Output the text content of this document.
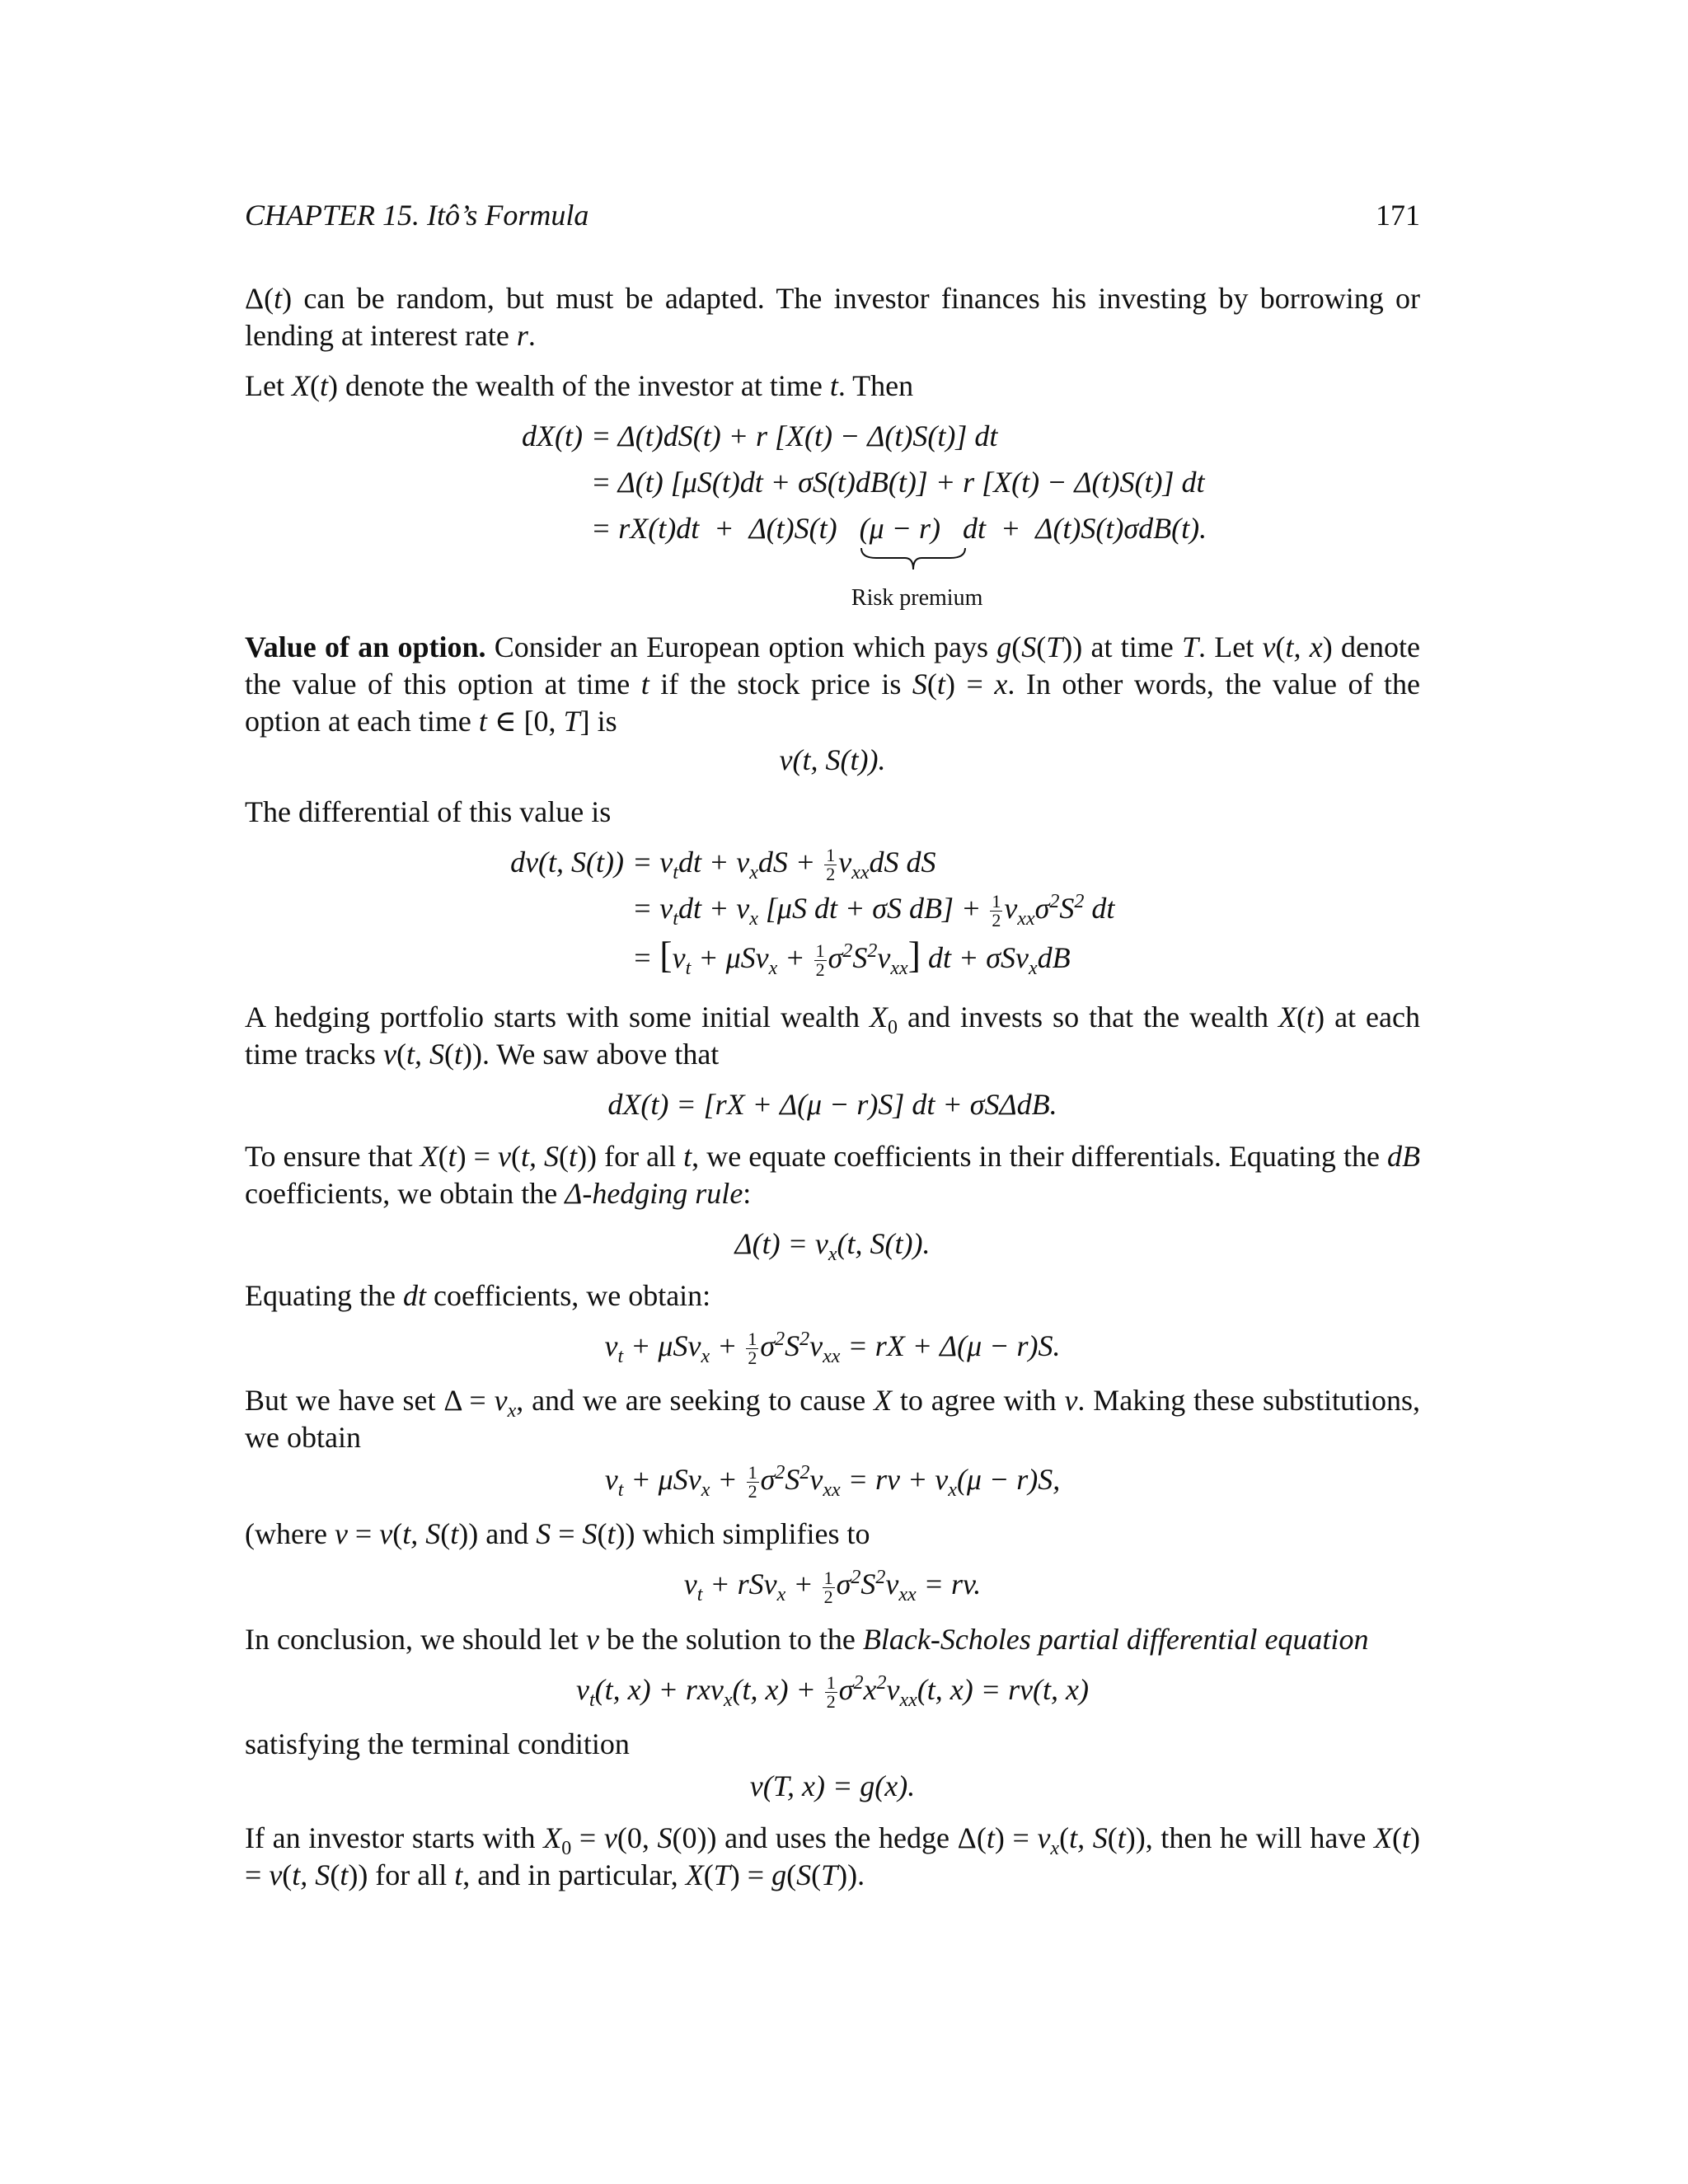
CHAPTER 15. Itô’s Formula	171

Δ(t) can be random, but must be adapted. The investor finances his investing by borrowing or lending at interest rate r.

Let X(t) denote the wealth of the investor at time t. Then

dX(t) = Δ(t)dS(t) + r [X(t) − Δ(t)S(t)] dt
= Δ(t) [μS(t)dt + σS(t)dB(t)] + r [X(t) − Δ(t)S(t)] dt
= rX(t)dt  +  Δ(t)S(t)   (μ − r)
Risk premium
dt  +  Δ(t)S(t)σdB(t).

Value of an option. Consider an European option which pays g(S(T)) at time T. Let v(t, x) denote the value of this option at time t if the stock price is S(t) = x. In other words, the value of the option at each time t ∈ [0, T] is

v(t, S(t)).

The differential of this value is

dv(t, $S(t)) = v_tdt + v_xdS + \frac{1}{2} v_{xx}dS$ dS
= $v_tdt + v_x$ [μS dt + σS $dB] + \frac{1}{2} v_{xx}\sigma^2S^2$ dt
= $[v_t + \mu Sv_x + \frac{1}{2} \sigma^2S^2v_{xx}]$ dt + σSv$_x$dB

A hedging portfolio starts with some initial wealth $X_0$ and invests so that the wealth X(t) at each time tracks v(t, S(t)). We saw above that

dX(t) = [rX + Δ(μ − r)S] dt + σSΔdB.

To ensure that X(t) = v(t, S(t)) for all t, we equate coefficients in their differentials. Equating the dB coefficients, we obtain the Δ-hedging rule:

$\Delta(t) = v_x(t$, S(t)).

Equating the dt coefficients, we obtain:

$v_t + \mu Sv_x + \frac{1}{2} \sigma^2S^2v_{xx}$ = rX + Δ(μ − r)S.

But we have set $\Delta = v_x$, and we are seeking to cause X to agree with v. Making these substitutions, we obtain

$v_t + \mu Sv_x + \frac{1}{2} \sigma^2S^2v_{xx}$ = rv + $v_x(\mu - r)S$,

(where v = v(t, S(t)) and S = S(t)) which simplifies to

$v_t + rSv_x + \frac{1}{2} \sigma^2S^2v_{xx}$ = rv.

In conclusion, we should let v be the solution to the Black-Scholes partial differential equation

$v_t(t$, x) + rxv$_x$(t, $x) + \frac{1}{2} \sigma^2x^2v_{xx}(t$, x) = rv(t, x)

satisfying the terminal condition

v(T, x) = g(x).

If an investor starts with $X_0 = v(0$, S(0)) and uses the hedge $\Delta(t) = v_x(t$, S(t)), then he will have X(t) = v(t, S(t)) for all t, and in particular, X(T) = g(S(T)).
